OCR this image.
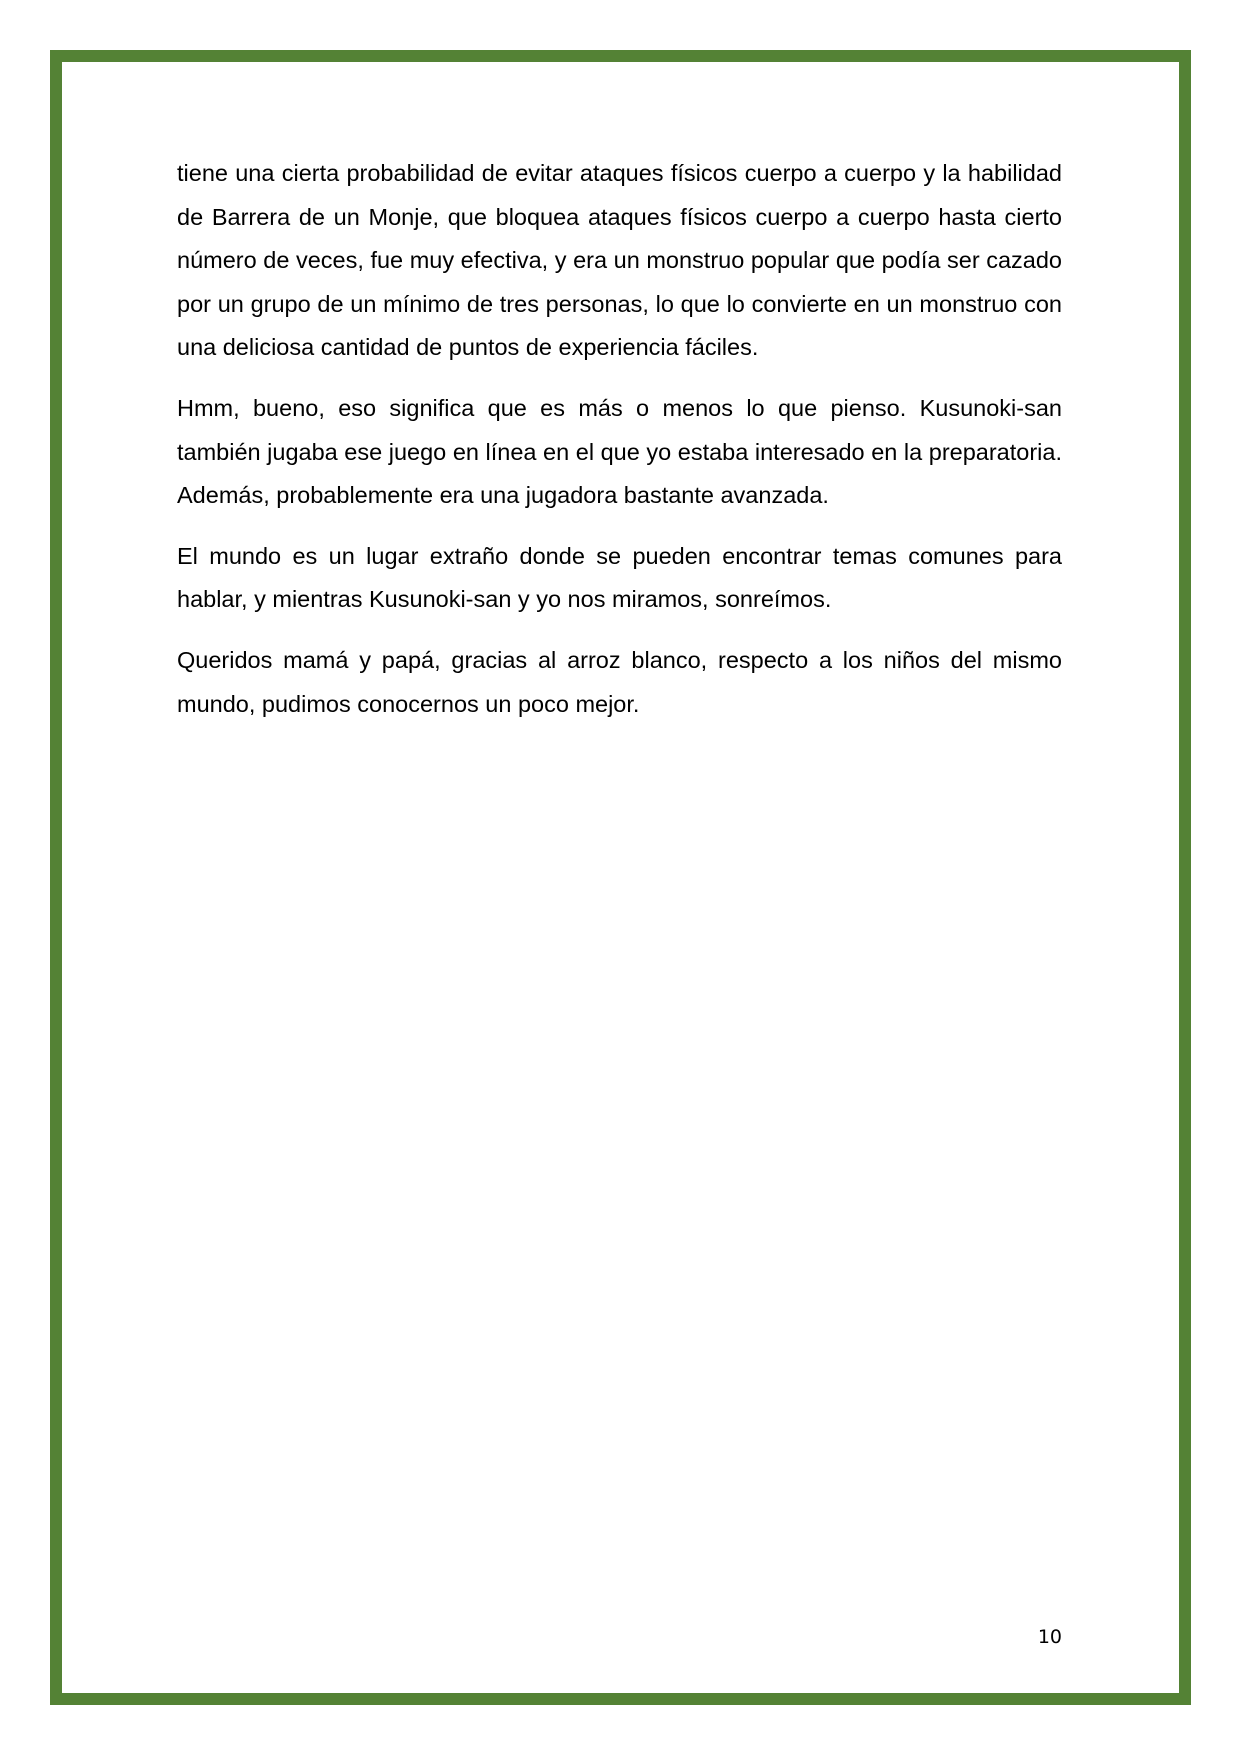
tiene una cierta probabilidad de evitar ataques físicos cuerpo a cuerpo y la habilidad de Barrera de un Monje, que bloquea ataques físicos cuerpo a cuerpo hasta cierto número de veces, fue muy efectiva, y era un monstruo popular que podía ser cazado por un grupo de un mínimo de tres personas, lo que lo convierte en un monstruo con una deliciosa cantidad de puntos de experiencia fáciles.

Hmm, bueno, eso significa que es más o menos lo que pienso. Kusunoki-san también jugaba ese juego en línea en el que yo estaba interesado en la preparatoria. Además, probablemente era una jugadora bastante avanzada.

El mundo es un lugar extraño donde se pueden encontrar temas comunes para hablar, y mientras Kusunoki-san y yo nos miramos, sonreímos.

Queridos mamá y papá, gracias al arroz blanco, respecto a los niños del mismo mundo, pudimos conocernos un poco mejor.

10
